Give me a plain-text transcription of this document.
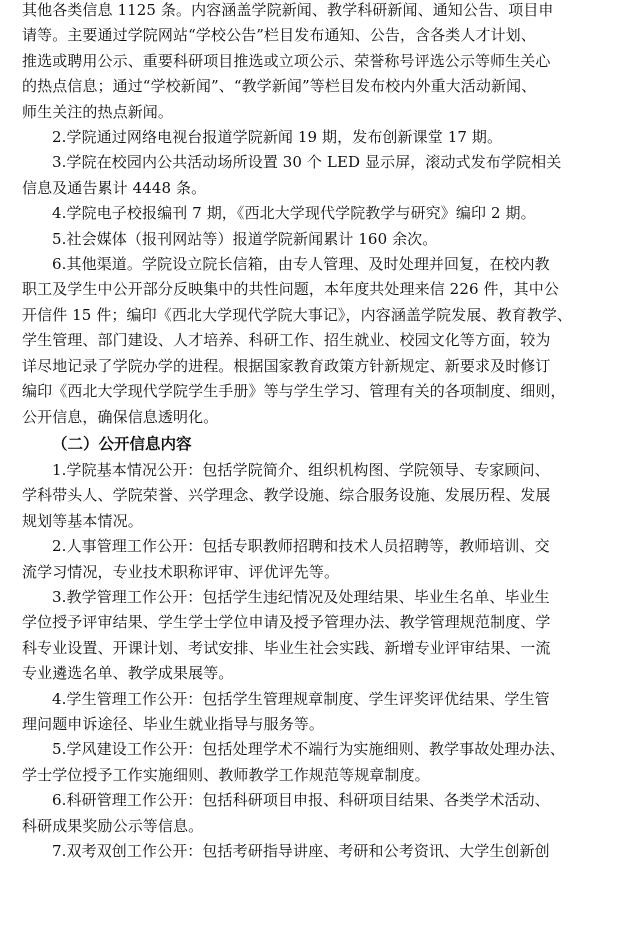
其他各类信息 1125 条。内容涵盖学院新闻、教学科研新闻、通知公告、项目申
请等。主要通过学院网站“学校公告”栏目发布通知、公告，含各类人才计划、
推选或聘用公示、重要科研项目推选或立项公示、荣誉称号评选公示等师生关心
的热点信息；通过“学校新闻”、“教学新闻”等栏目发布校内外重大活动新闻、
师生关注的热点新闻。
2.学院通过网络电视台报道学院新闻 19 期，发布创新课堂 17 期。
3.学院在校园内公共活动场所设置 30 个 LED 显示屏，滚动式发布学院相关
信息及通告累计 4448 条。
4.学院电子校报编刊 7 期，《西北大学现代学院教学与研究》编印 2 期。
5.社会媒体（报刊网站等）报道学院新闻累计 160 余次。
6.其他渠道。学院设立院长信箱，由专人管理、及时处理并回复，在校内教
职工及学生中公开部分反映集中的共性问题，本年度共处理来信 226 件，其中公
开信件 15 件；编印《西北大学现代学院大事记》，内容涵盖学院发展、教育教学、
学生管理、部门建设、人才培养、科研工作、招生就业、校园文化等方面，较为
详尽地记录了学院办学的进程。根据国家教育政策方针新规定、新要求及时修订
编印《西北大学现代学院学生手册》等与学生学习、管理有关的各项制度、细则，
公开信息，确保信息透明化。
（二）公开信息内容
1.学院基本情况公开：包括学院简介、组织机构图、学院领导、专家顾问、
学科带头人、学院荣誉、兴学理念、教学设施、综合服务设施、发展历程、发展
规划等基本情况。
2.人事管理工作公开：包括专职教师招聘和技术人员招聘等，教师培训、交
流学习情况，专业技术职称评审、评优评先等。
3.教学管理工作公开：包括学生违纪情况及处理结果、毕业生名单、毕业生
学位授予评审结果、学生学士学位申请及授予管理办法、教学管理规范制度、学
科专业设置、开课计划、考试安排、毕业生社会实践、新增专业评审结果、一流
专业遴选名单、教学成果展等。
4.学生管理工作公开：包括学生管理规章制度、学生评奖评优结果、学生管
理问题申诉途径、毕业生就业指导与服务等。
5.学风建设工作公开：包括处理学术不端行为实施细则、教学事故处理办法、
学士学位授予工作实施细则、教师教学工作规范等规章制度。
6.科研管理工作公开：包括科研项目申报、科研项目结果、各类学术活动、
科研成果奖励公示等信息。
7.双考双创工作公开：包括考研指导讲座、考研和公考资讯、大学生创新创
